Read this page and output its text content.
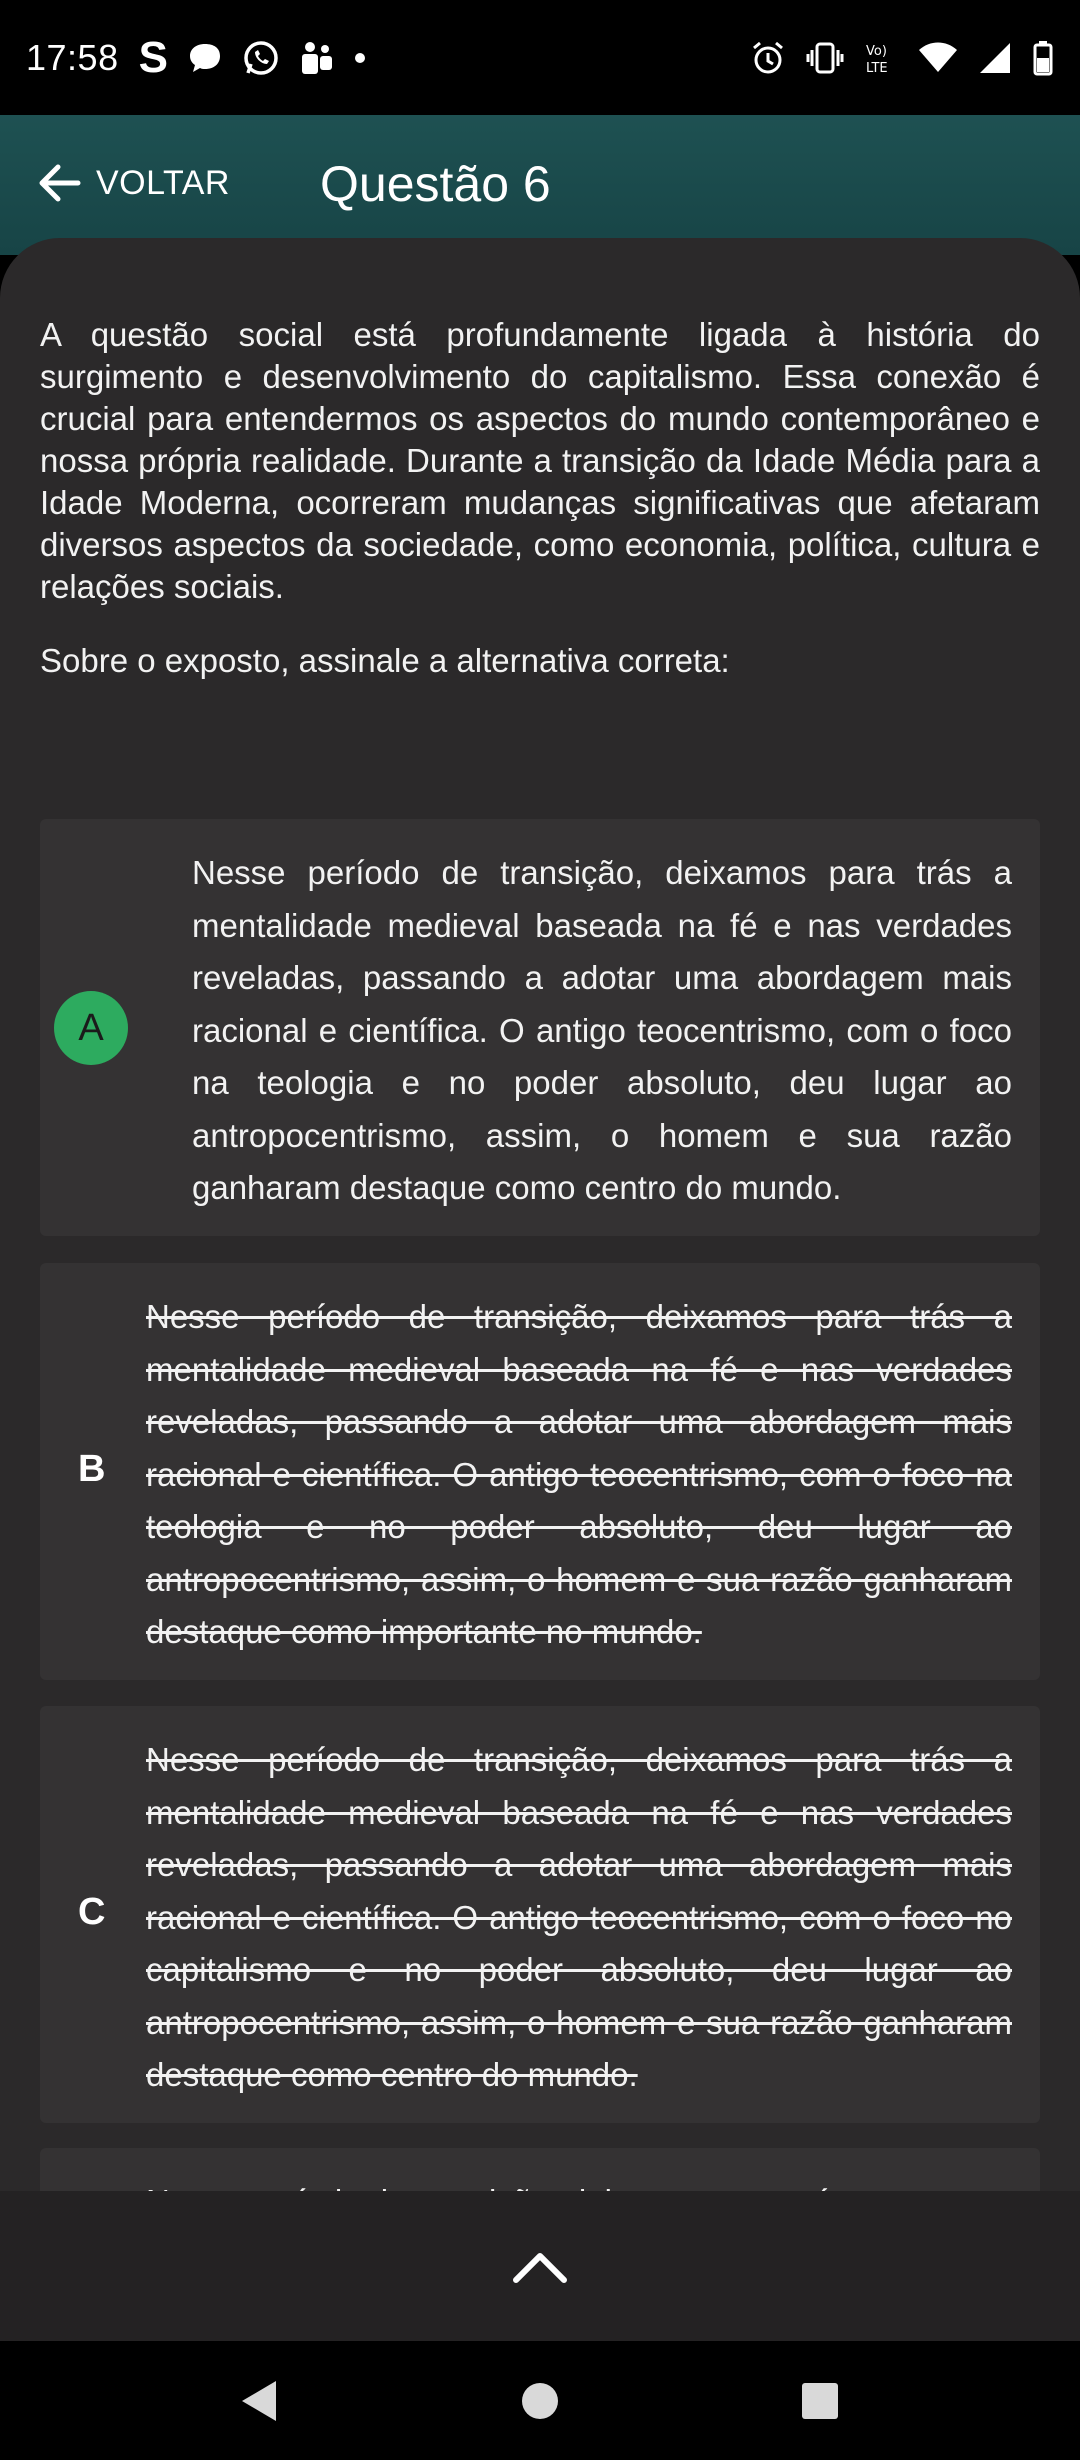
17:58 S	Vo)
LTE
VOLTAR Questão 6

A questão social está profundamente ligada à história do surgimento e desenvolvimento do capitalismo. Essa conexão é crucial para entendermos os aspectos do mundo contemporâneo e nossa própria realidade. Durante a transição da Idade Média para a Idade Moderna, ocorreram mudanças significativas que afetaram diversos aspectos da sociedade, como economia, política, cultura e relações sociais.

Sobre o exposto, assinale a alternativa correta:

A

Nesse período de transição, deixamos para trás a mentalidade medieval baseada na fé e nas verdades reveladas, passando a adotar uma abordagem mais racional e científica. O antigo teocentrismo, com o foco na teologia e no poder absoluto, deu lugar ao antropocentrismo, assim, o homem e sua razão ganharam destaque como centro do mundo.

B

Nesse período de transição, deixamos para trás a mentalidade medieval baseada na fé e nas verdades reveladas, passando a adotar uma abordagem mais racional e científica. O antigo teocentrismo, com o foco na teologia e no poder absoluto, deu lugar ao antropocentrismo, assim, o homem e sua razão ganharam destaque como importante no mundo.

C

Nesse período de transição, deixamos para trás a mentalidade medieval baseada na fé e nas verdades reveladas, passando a adotar uma abordagem mais racional e científica. O antigo teocentrismo, com o foco no capitalismo e no poder absoluto, deu lugar ao antropocentrismo, assim, o homem e sua razão ganharam destaque como centro do mundo.
